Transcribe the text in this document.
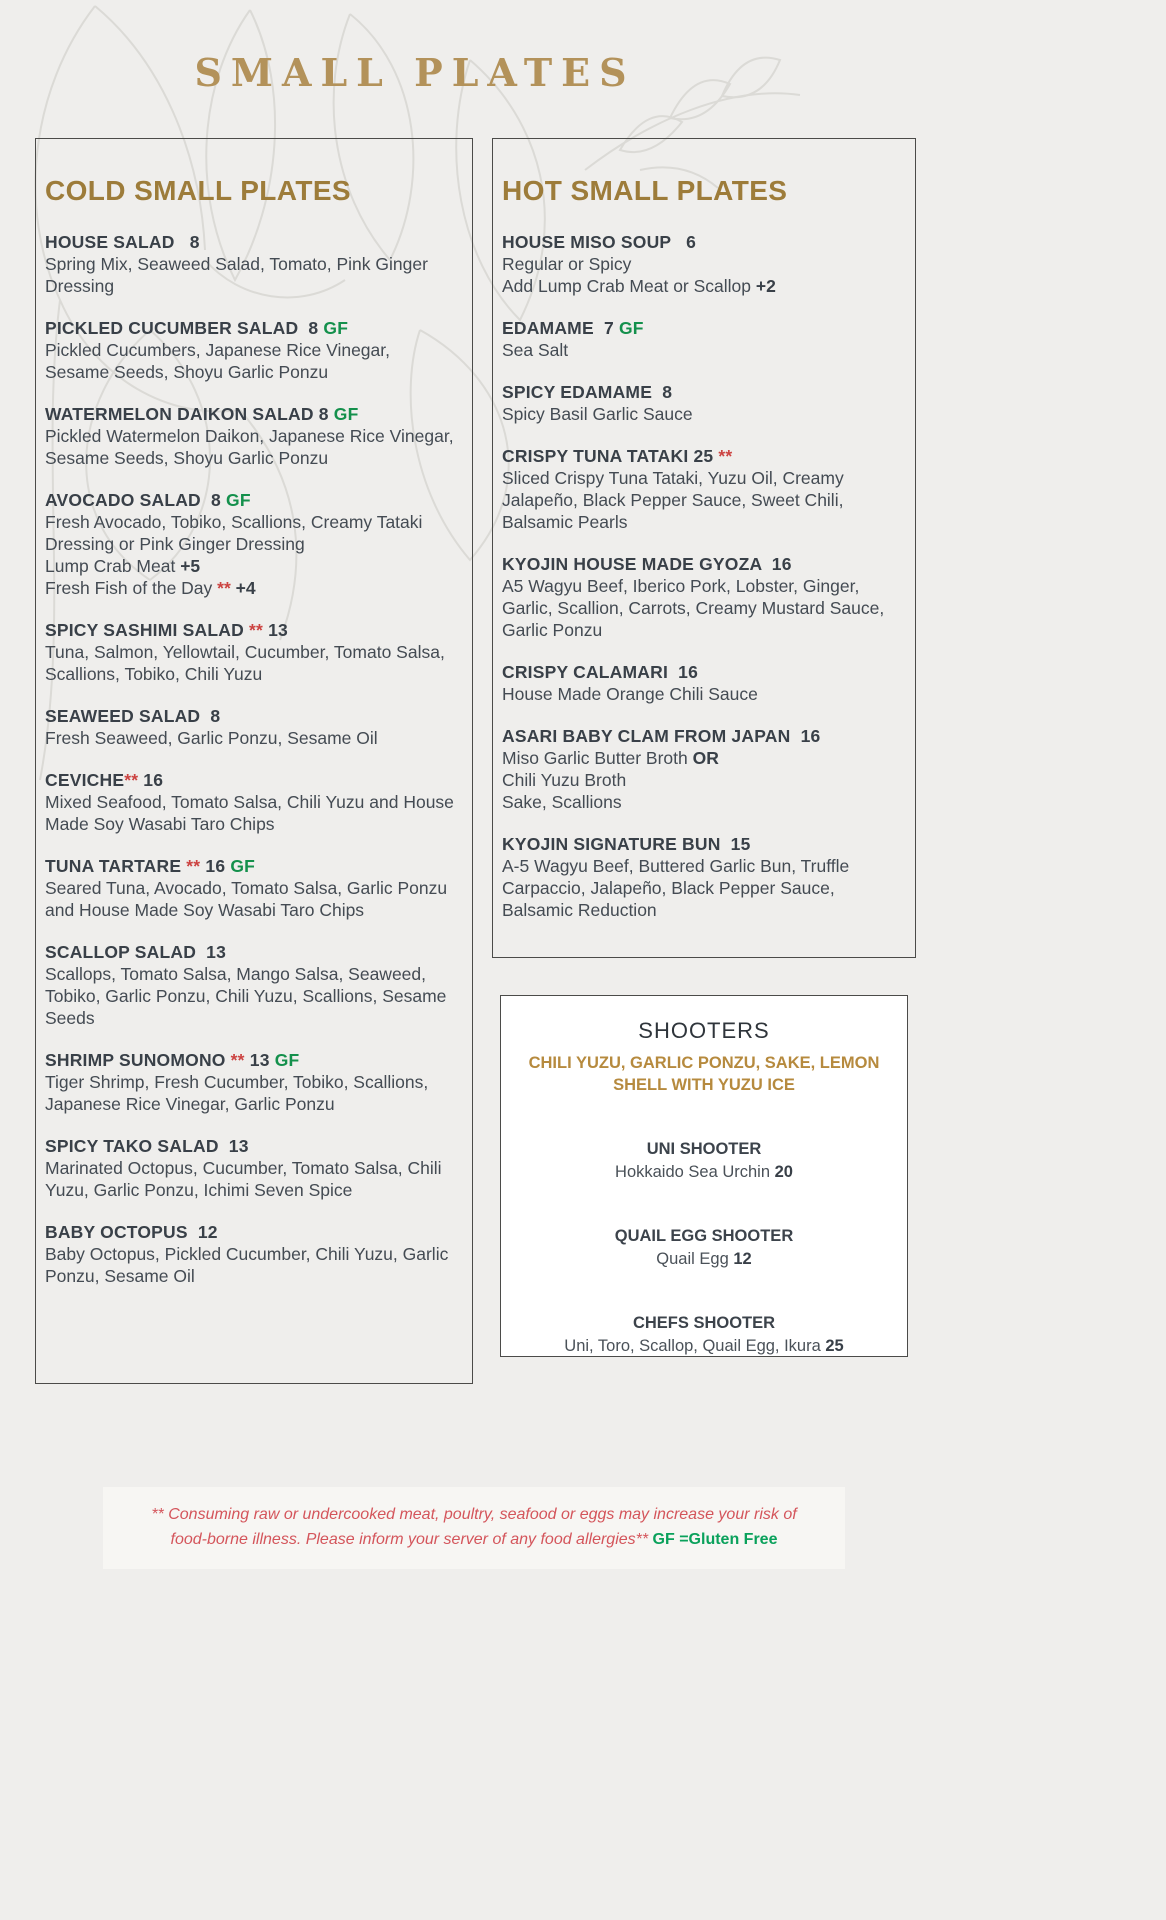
SMALL PLATES
COLD SMALL PLATES
HOUSE SALAD   8
Spring Mix, Seaweed Salad, Tomato, Pink Ginger Dressing
PICKLED CUCUMBER SALAD  8 GF
Pickled Cucumbers, Japanese Rice Vinegar, Sesame Seeds, Shoyu Garlic Ponzu
WATERMELON DAIKON SALAD 8 GF
Pickled Watermelon Daikon, Japanese Rice Vinegar, Sesame Seeds, Shoyu Garlic Ponzu
AVOCADO SALAD  8 GF
Fresh Avocado, Tobiko, Scallions, Creamy Tataki Dressing or Pink Ginger Dressing
Lump Crab Meat +5
Fresh Fish of the Day ** +4
SPICY SASHIMI SALAD ** 13
Tuna, Salmon, Yellowtail, Cucumber, Tomato Salsa, Scallions, Tobiko, Chili Yuzu
SEAWEED SALAD  8
Fresh Seaweed, Garlic Ponzu, Sesame Oil
CEVICHE** 16
Mixed Seafood, Tomato Salsa, Chili Yuzu and House Made Soy Wasabi Taro Chips
TUNA TARTARE ** 16 GF
Seared Tuna, Avocado, Tomato Salsa, Garlic Ponzu and House Made Soy Wasabi Taro Chips
SCALLOP SALAD  13
Scallops, Tomato Salsa, Mango Salsa, Seaweed, Tobiko, Garlic Ponzu, Chili Yuzu, Scallions, Sesame Seeds
SHRIMP SUNOMONO ** 13 GF
Tiger Shrimp, Fresh Cucumber, Tobiko, Scallions, Japanese Rice Vinegar, Garlic Ponzu
SPICY TAKO SALAD  13
Marinated Octopus, Cucumber, Tomato Salsa, Chili Yuzu, Garlic Ponzu, Ichimi Seven Spice
BABY OCTOPUS  12
Baby Octopus, Pickled Cucumber, Chili Yuzu, Garlic Ponzu, Sesame Oil
HOT SMALL PLATES
HOUSE MISO SOUP   6
Regular or Spicy
Add Lump Crab Meat or Scallop +2
EDAMAME  7 GF
Sea Salt
SPICY EDAMAME  8
Spicy Basil Garlic Sauce
CRISPY TUNA TATAKI 25 **
Sliced Crispy Tuna Tataki, Yuzu Oil, Creamy Jalapeño, Black Pepper Sauce, Sweet Chili, Balsamic Pearls
KYOJIN HOUSE MADE GYOZA  16
A5 Wagyu Beef, Iberico Pork, Lobster, Ginger, Garlic, Scallion, Carrots, Creamy Mustard Sauce, Garlic Ponzu
CRISPY CALAMARI  16
House Made Orange Chili Sauce
ASARI BABY CLAM FROM JAPAN  16
Miso Garlic Butter Broth OR
Chili Yuzu Broth
Sake, Scallions
KYOJIN SIGNATURE BUN  15
A-5 Wagyu Beef, Buttered Garlic Bun, Truffle Carpaccio, Jalapeño, Black Pepper Sauce, Balsamic Reduction
SHOOTERS

CHILI YUZU, GARLIC PONZU, SAKE, LEMON SHELL WITH YUZU ICE

UNI SHOOTER
Hokkaido Sea Urchin 20
QUAIL EGG SHOOTER
Quail Egg 12
CHEFS SHOOTER
Uni, Toro, Scallop, Quail Egg, Ikura 25

** Consuming raw or undercooked meat, poultry, seafood or eggs may increase your risk of food-borne illness. Please inform your server of any food allergies** GF =Gluten Free
